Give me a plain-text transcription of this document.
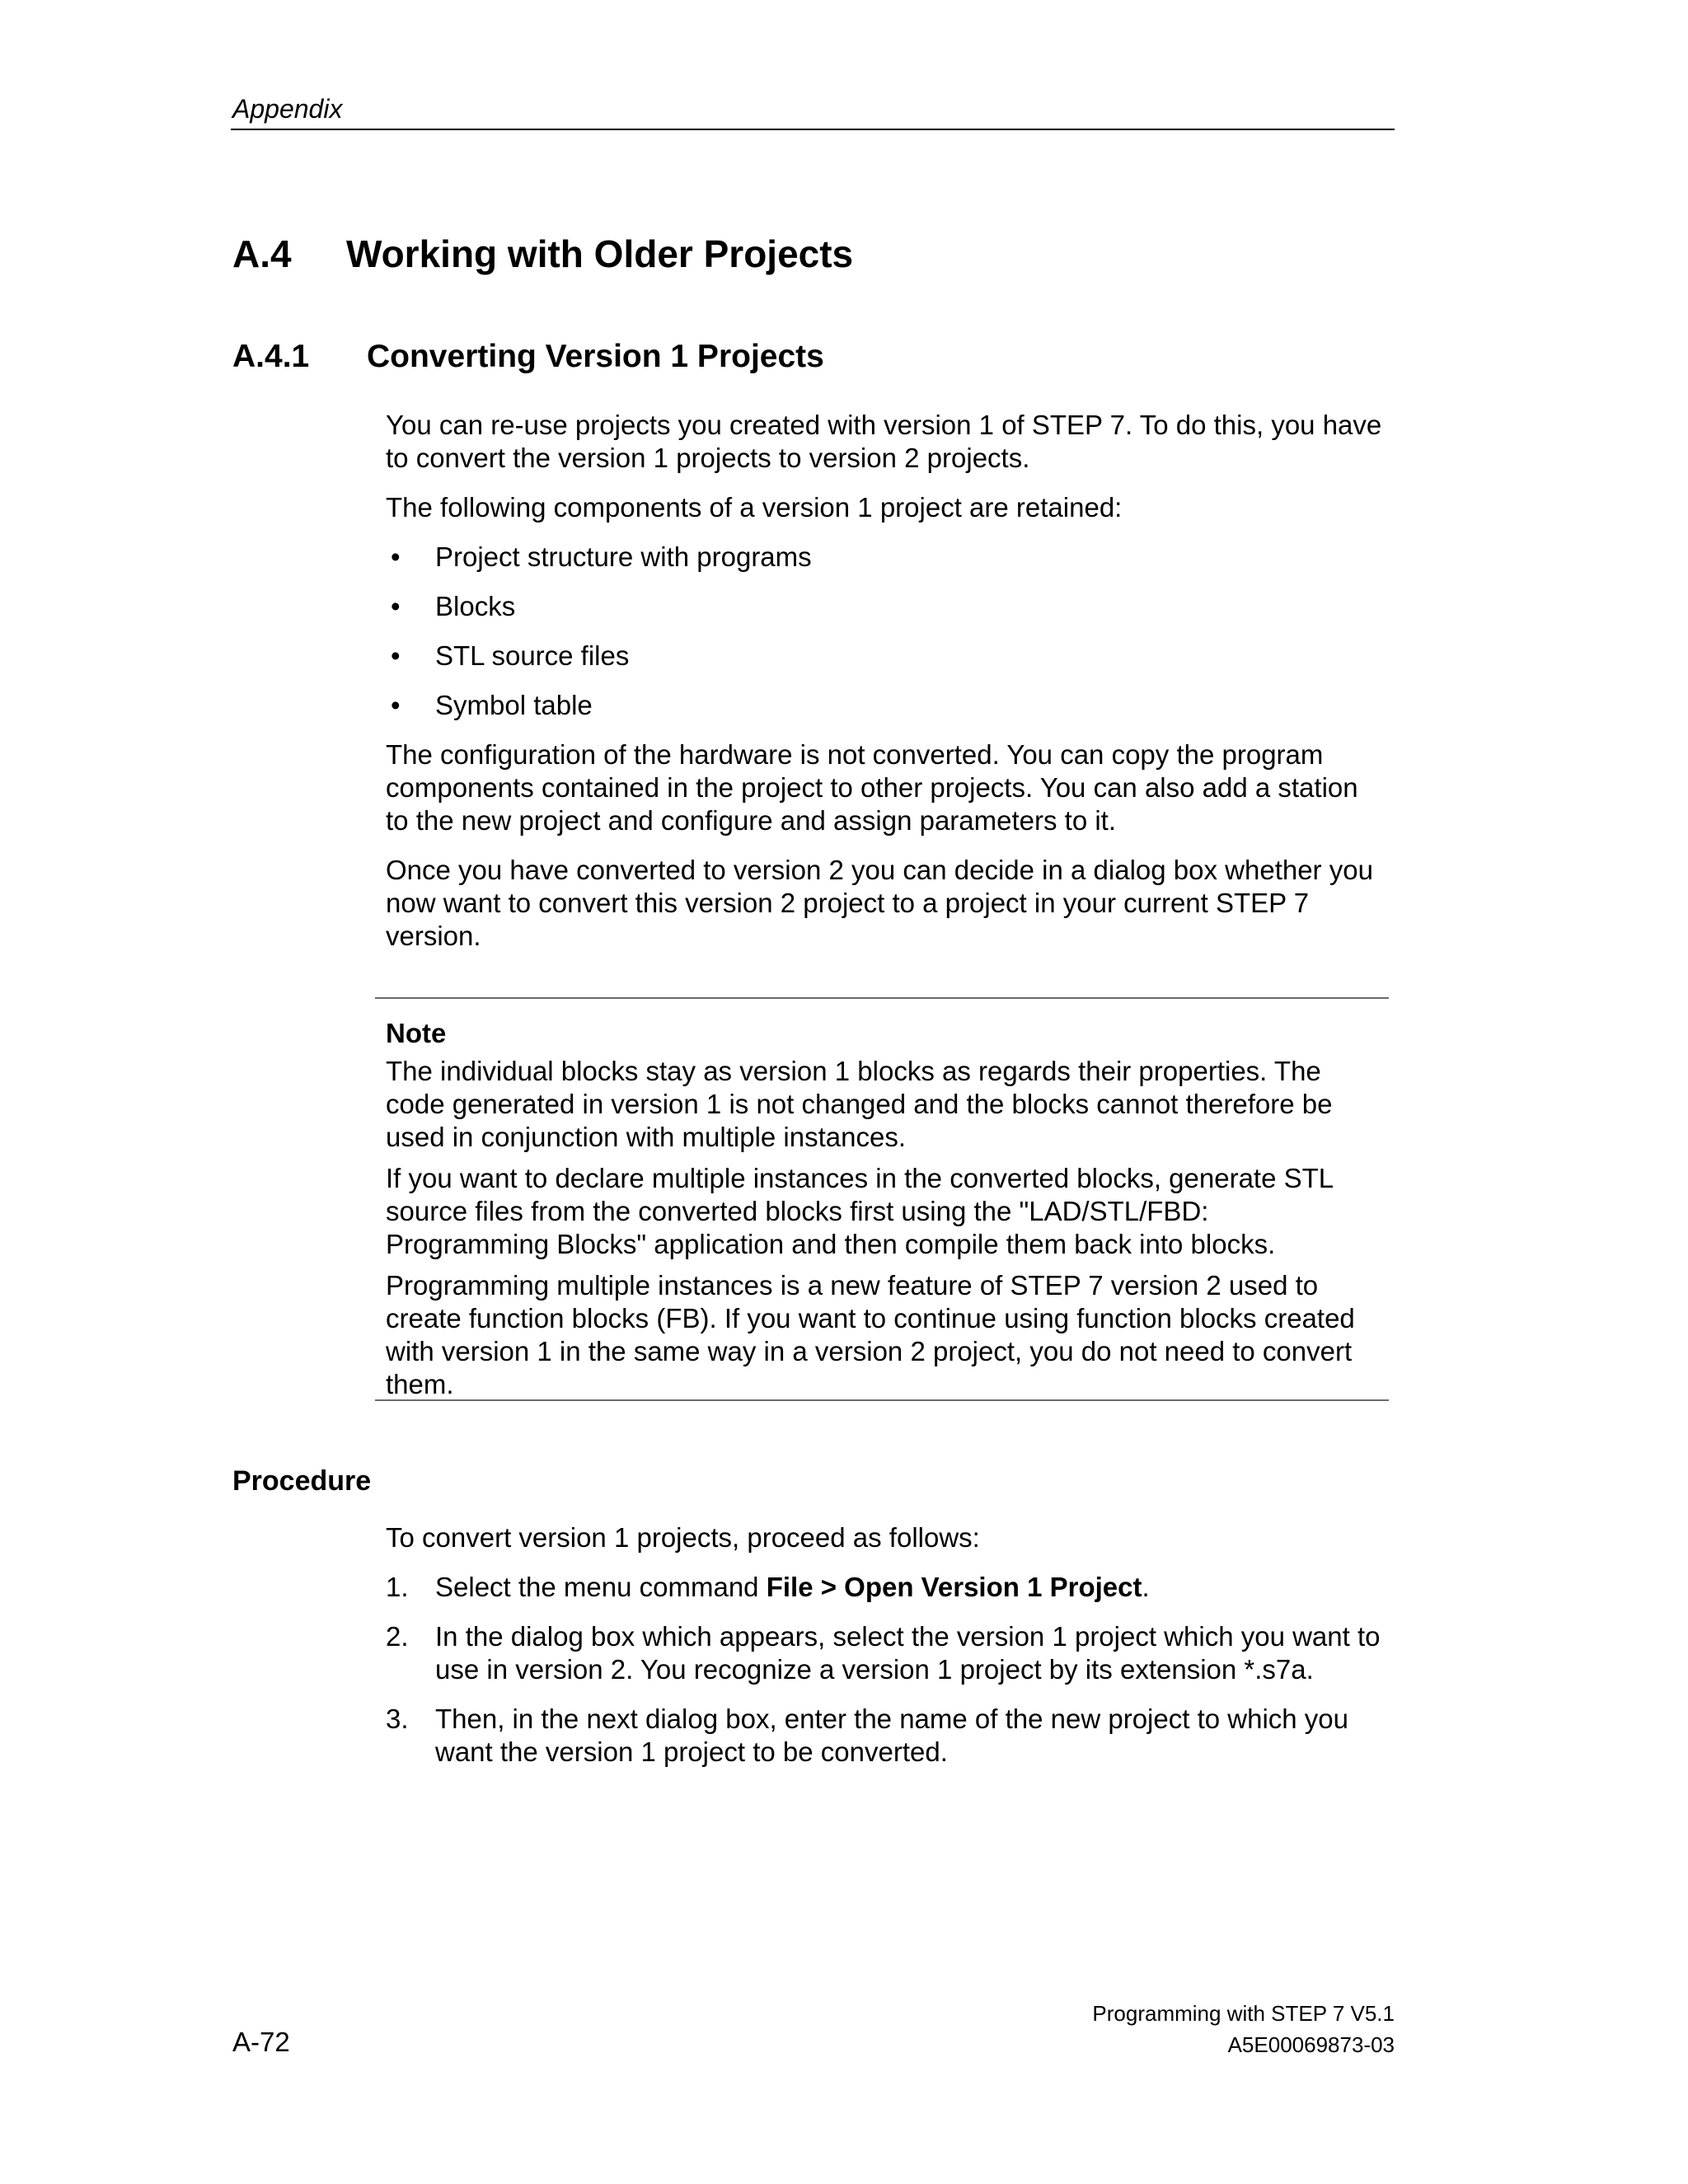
Appendix
A.4 Working with Older Projects
A.4.1 Converting Version 1 Projects
You can re-use projects you created with version 1 of STEP 7. To do this, you have
to convert the version 1 projects to version 2 projects.
The following components of a version 1 project are retained:
• Project structure with programs
• Blocks
• STL source files
• Symbol table
The configuration of the hardware is not converted. You can copy the program
components contained in the project to other projects. You can also add a station
to the new project and configure and assign parameters to it.
Once you have converted to version 2 you can decide in a dialog box whether you
now want to convert this version 2 project to a project in your current STEP 7
version.
Note
The individual blocks stay as version 1 blocks as regards their properties. The
code generated in version 1 is not changed and the blocks cannot therefore be
used in conjunction with multiple instances.
If you want to declare multiple instances in the converted blocks, generate STL
source files from the converted blocks first using the "LAD/STL/FBD:
Programming Blocks" application and then compile them back into blocks.
Programming multiple instances is a new feature of STEP 7 version 2 used to
create function blocks (FB). If you want to continue using function blocks created
with version 1 in the same way in a version 2 project, you do not need to convert
them.
Procedure
To convert version 1 projects, proceed as follows:
1. Select the menu command File > Open Version 1 Project.
2. In the dialog box which appears, select the version 1 project which you want to
use in version 2. You recognize a version 1 project by its extension *.s7a.
3. Then, in the next dialog box, enter the name of the new project to which you
want the version 1 project to be converted.
Programming with STEP 7 V5.1
A5E00069873-03
A-72
